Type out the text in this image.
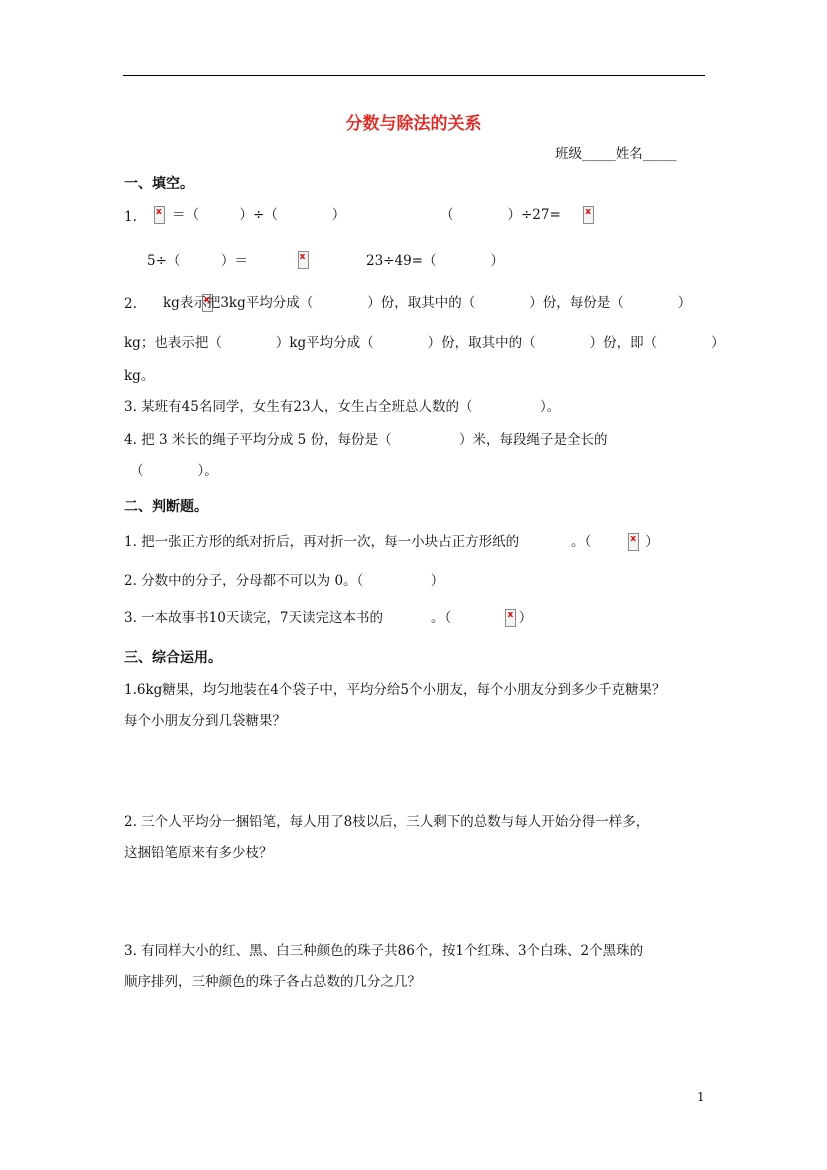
分数与除法的关系
班级_____姓名_____
一、填空。
1. x	＝（　　　）÷（　　　　）	（　　　　）÷27=
x
5÷（　　　）＝ x	23÷49=（　　　　）
2. x kg表示把3kg平均分成（　　　　）份，取其中的（　　　　）份，每份是（　　　　）
kg；也表示把（　　　　）kg平均分成（　　　　）份，取其中的（　　　　）份，即（　　　　）
kg。
3. 某班有45名同学，女生有23人，女生占全班总人数的（　　　　　）。
4. 把 3 米长的绳子平均分成 5 份，每份是（　　　　　）米，每段绳子是全长的
（　　　　）。
二、判断题。
1. 把一张正方形的纸对折后，再对折一次，每一小块占正方形纸的 x	。（　　　　）
2. 分数中的分子，分母都不可以为 0。（　　　　　）
3. 一本故事书10天读完，7天读完这本书的 x	。（　　　　　）
三、综合运用。
1.6kg糖果，均匀地装在4个袋子中，平均分给5个小朋友，每个小朋友分到多少千克糖果？
每个小朋友分到几袋糖果？
2. 三个人平均分一捆铅笔，每人用了8枝以后，三人剩下的总数与每人开始分得一样多，
这捆铅笔原来有多少枝？
3. 有同样大小的红、黑、白三种颜色的珠子共86个，按1个红珠、3个白珠、2个黑珠的
顺序排列，三种颜色的珠子各占总数的几分之几？
1
